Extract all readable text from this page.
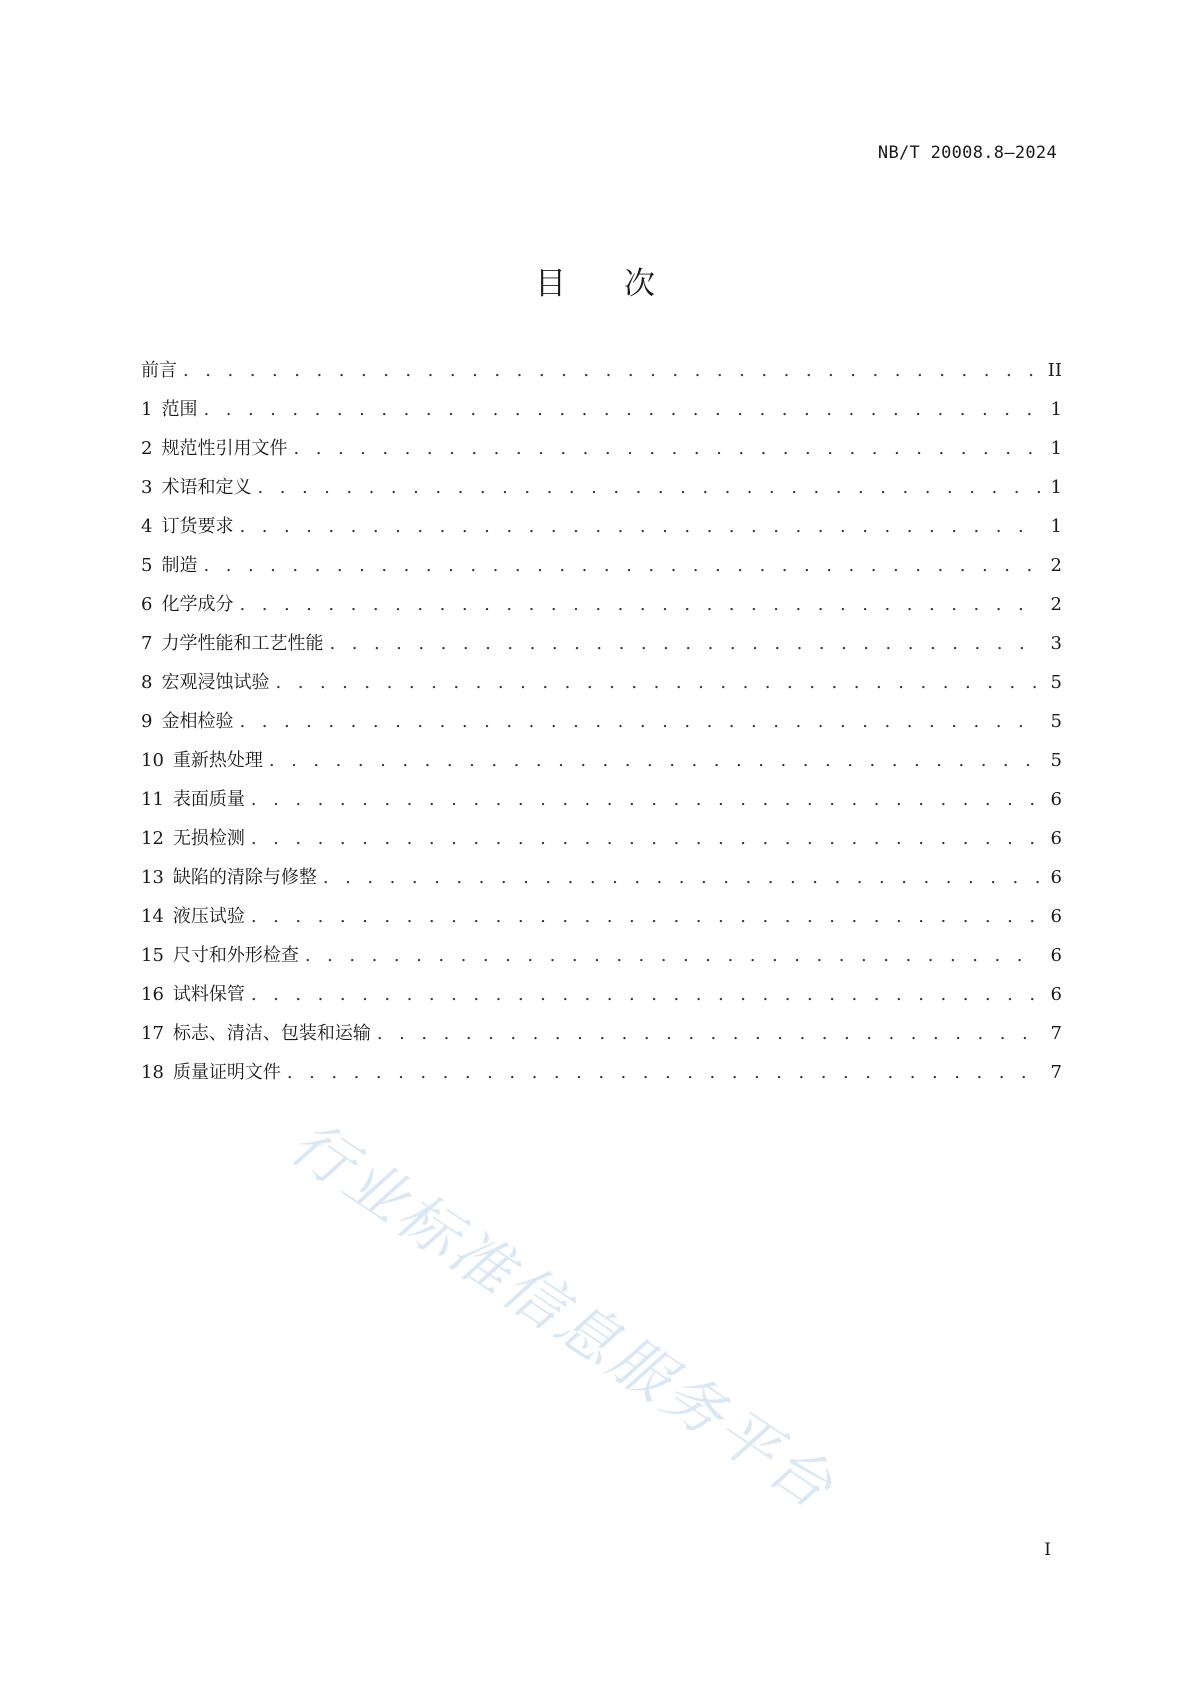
NB/T 20008.8—2024
目次
前言 . . .	II
1 范围 . . .	1
2 规范性引用文件 . . .	1
3 术语和定义 . . .	1
4 订货要求 . . .	1
5 制造 . . .	2
6 化学成分 . . .	2
7 力学性能和工艺性能 . . .	3
8 宏观浸蚀试验 . . .	5
9 金相检验 . . .	5
10 重新热处理 . . .	5
11 表面质量 . . .	6
12 无损检测 . . .	6
13 缺陷的清除与修整 . . .	6
14 液压试验 . . .	6
15 尺寸和外形检查 . . .	6
16 试料保管 . . .	6
17 标志、清洁、包装和运输 . . .	7
18 质量证明文件 . . .	7
行业标准信息服务平台
I
